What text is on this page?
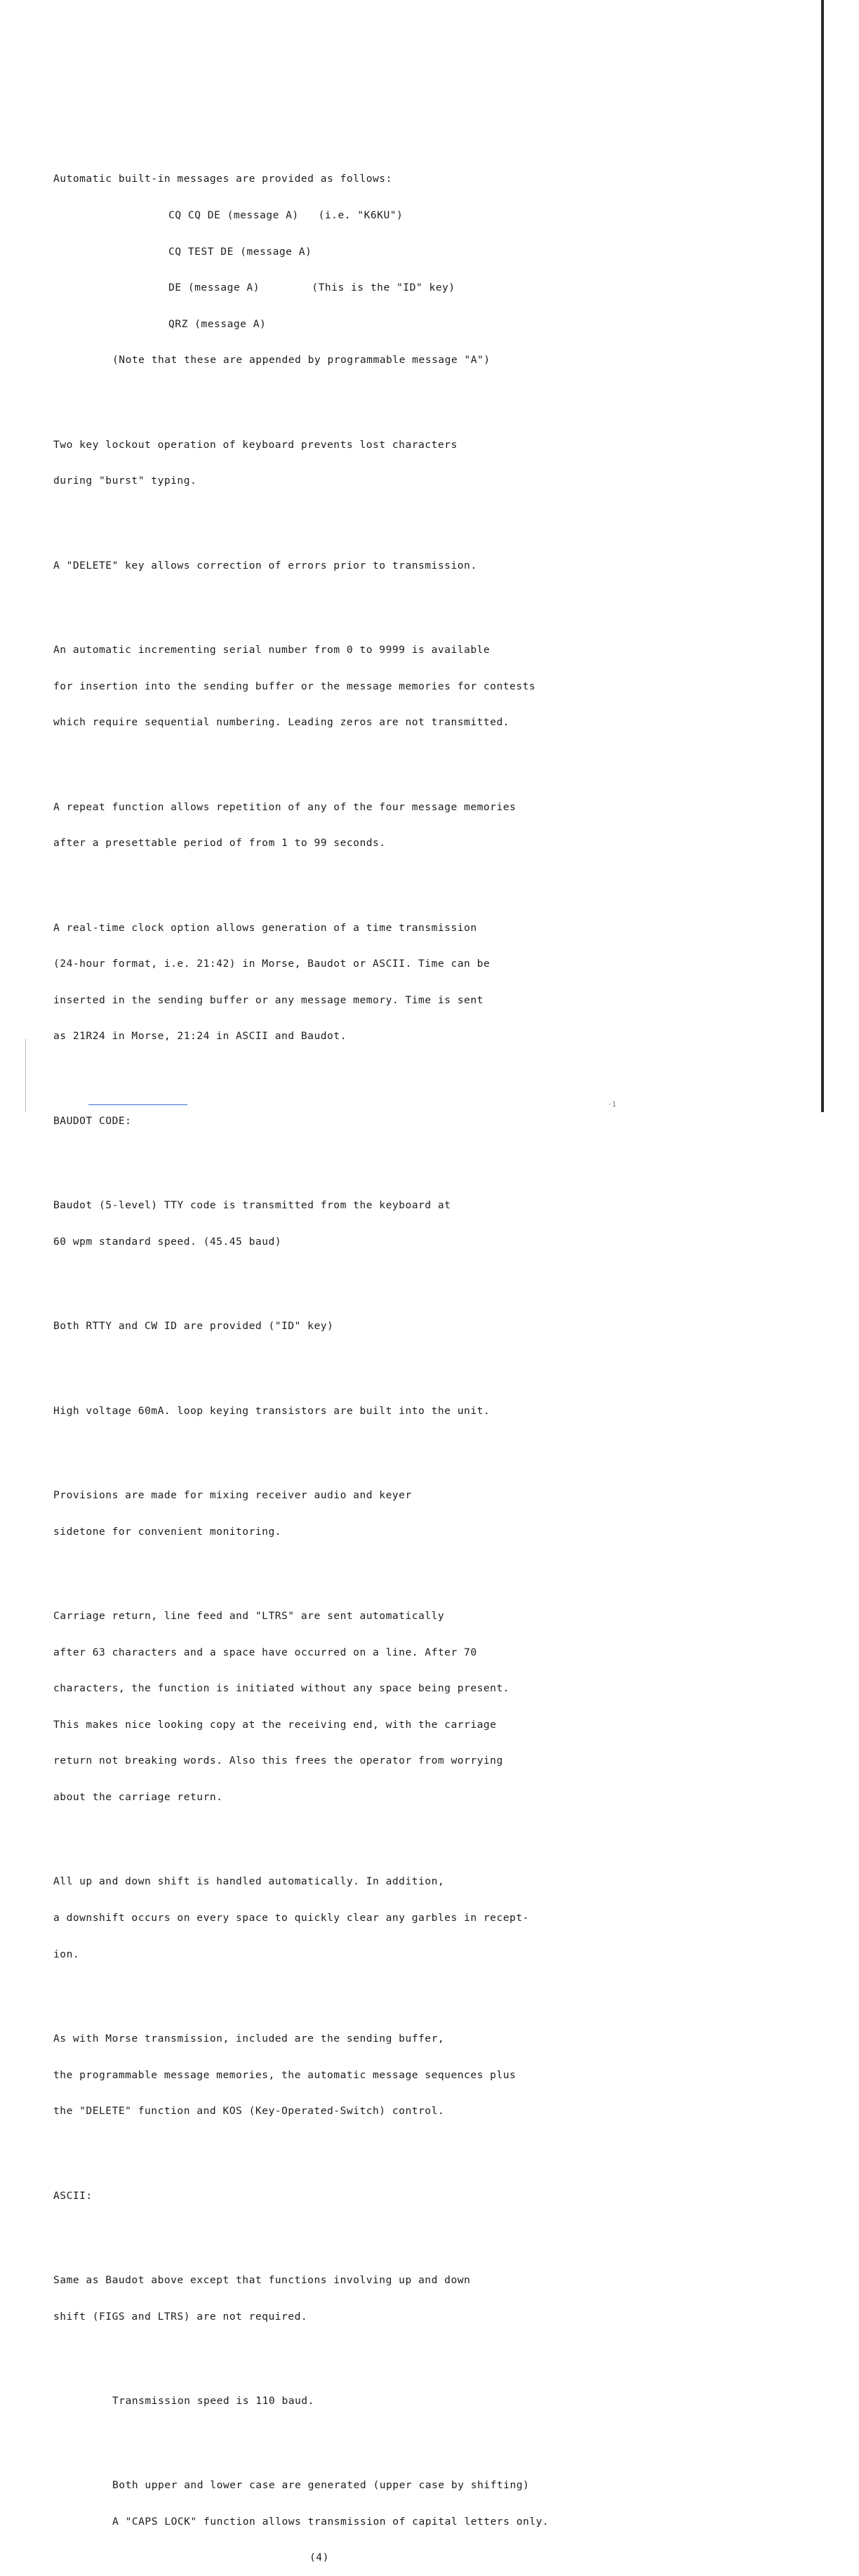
·1

Automatic built-in messages are provided as follows:

CQ CQ DE (message A)   (i.e. "K6KU")

CQ TEST DE (message A)

DE (message A)        (This is the "ID" key)

QRZ (message A)

(Note that these are appended by programmable message "A")

Two key lockout operation of keyboard prevents lost characters

during "burst" typing.

A "DELETE" key allows correction of errors prior to transmission.

An automatic incrementing serial number from 0 to 9999 is available

for insertion into the sending buffer or the message memories for contests

which require sequential numbering. Leading zeros are not transmitted.

A repeat function allows repetition of any of the four message memories

after a presettable period of from 1 to 99 seconds.

A real-time clock option allows generation of a time transmission

(24-hour format, i.e. 21:42) in Morse, Baudot or ASCII. Time can be

inserted in the sending buffer or any message memory. Time is sent

as 21R24 in Morse, 21:24 in ASCII and Baudot.

BAUDOT CODE:

Baudot (5-level) TTY code is transmitted from the keyboard at

60 wpm standard speed. (45.45 baud)

Both RTTY and CW ID are provided ("ID" key)

High voltage 60mA. loop keying transistors are built into the unit.

Provisions are made for mixing receiver audio and keyer

sidetone for convenient monitoring.

Carriage return, line feed and "LTRS" are sent automatically

after 63 characters and a space have occurred on a line. After 70

characters, the function is initiated without any space being present.

This makes nice looking copy at the receiving end, with the carriage

return not breaking words. Also this frees the operator from worrying

about the carriage return.

All up and down shift is handled automatically. In addition,

a downshift occurs on every space to quickly clear any garbles in recept-

ion.

As with Morse transmission, included are the sending buffer,

the programmable message memories, the automatic message sequences plus

the "DELETE" function and KOS (Key-Operated-Switch) control.

ASCII:

Same as Baudot above except that functions involving up and down

shift (FIGS and LTRS) are not required.

Transmission speed is 110 baud.

Both upper and lower case are generated (upper case by shifting)

A "CAPS LOCK" function allows transmission of capital letters only.

(4)
